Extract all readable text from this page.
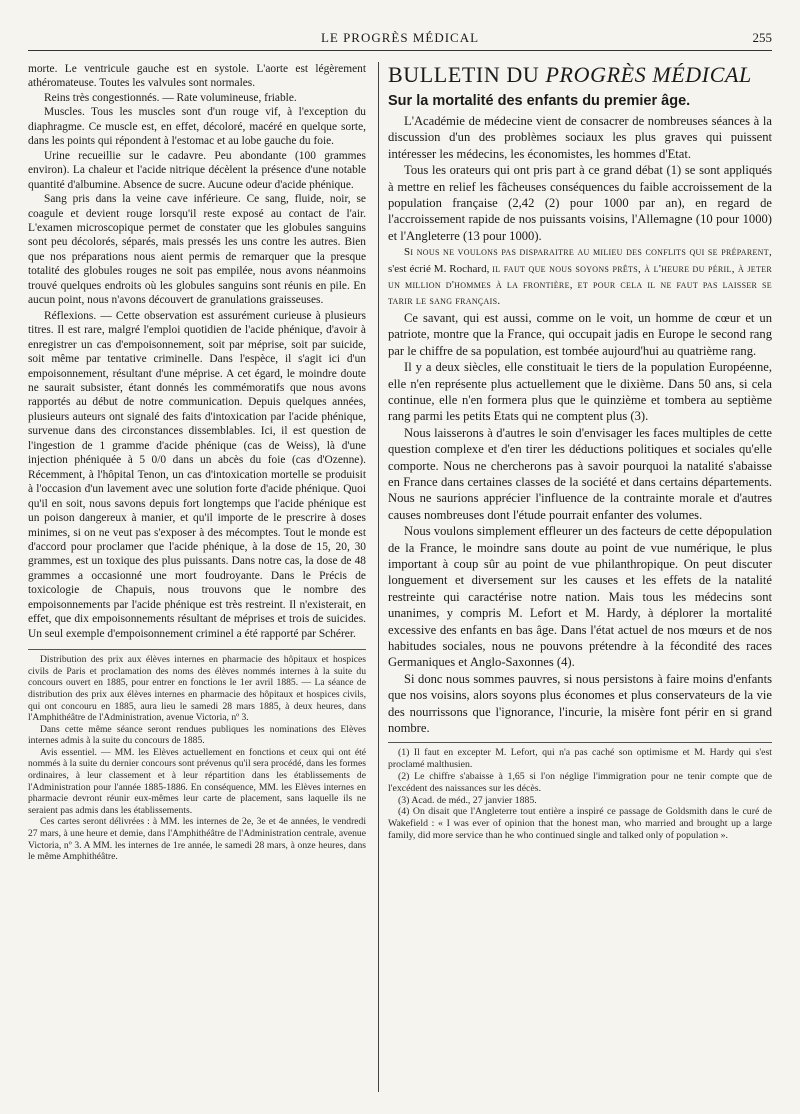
LE PROGRÈS MÉDICAL	255

morte. Le ventricule gauche est en systole. L'aorte est légèrement athéromateuse. Toutes les valvules sont normales.

Reins très congestionnés. — Rate volumineuse, friable.

Muscles. Tous les muscles sont d'un rouge vif, à l'exception du diaphragme. Ce muscle est, en effet, décoloré, macéré en quelque sorte, dans les points qui répondent à l'estomac et au lobe gauche du foie.

Urine recueillie sur le cadavre. Peu abondante (100 grammes environ). La chaleur et l'acide nitrique décèlent la présence d'une notable quantité d'albumine. Absence de sucre. Aucune odeur d'acide phénique.

Sang pris dans la veine cave inférieure. Ce sang, fluide, noir, se coagule et devient rouge lorsqu'il reste exposé au contact de l'air. L'examen microscopique permet de constater que les globules sanguins sont peu décolorés, séparés, mais pressés les uns contre les autres. Bien que nos préparations nous aient permis de remarquer que la presque totalité des globules rouges ne soit pas empilée, nous avons néanmoins trouvé quelques endroits où les globules sanguins sont réunis en pile. En aucun point, nous n'avons découvert de granulations graisseuses.

Réflexions. — Cette observation est assurément curieuse à plusieurs titres. Il est rare, malgré l'emploi quotidien de l'acide phénique, d'avoir à enregistrer un cas d'empoisonnement, soit par méprise, soit par suicide, soit même par tentative criminelle. Dans l'espèce, il s'agit ici d'un empoisonnement, résultant d'une méprise. A cet égard, le moindre doute ne saurait subsister, étant donnés les commémoratifs que nous avons rapportés au début de notre communication. Depuis quelques années, plusieurs auteurs ont signalé des faits d'intoxication par l'acide phénique, survenue dans des circonstances dissemblables. Ici, il est question de l'ingestion de 1 gramme d'acide phénique (cas de Weiss), là d'une injection phéniquée à 5 0/0 dans un abcès du foie (cas d'Ozenne). Récemment, à l'hôpital Tenon, un cas d'intoxication mortelle se produisit à l'occasion d'un lavement avec une solution forte d'acide phénique. Quoi qu'il en soit, nous savons depuis fort longtemps que l'acide phénique est un poison dangereux à manier, et qu'il importe de le prescrire à doses minimes, si on ne veut pas s'exposer à des mécomptes. Tout le monde est d'accord pour proclamer que l'acide phénique, à la dose de 15, 20, 30 grammes, est un toxique des plus puissants. Dans notre cas, la dose de 48 grammes a occasionné une mort foudroyante. Dans le Précis de toxicologie de Chapuis, nous trouvons que le nombre des empoisonnements par l'acide phénique est très restreint. Il n'existerait, en effet, que dix empoisonnements résultant de méprises et trois de suicides. Un seul exemple d'empoisonnement criminel a été rapporté par Schérer.

Distribution des prix aux élèves internes en pharmacie des hôpitaux et hospices civils de Paris et proclamation des noms des élèves nommés internes à la suite du concours ouvert en 1885, pour entrer en fonctions le 1er avril 1885. — La séance de distribution des prix aux élèves internes en pharmacie des hôpitaux et hospices civils, qui ont concouru en 1885, aura lieu le samedi 28 mars 1885, à deux heures, dans l'Amphithéâtre de l'Administration, avenue Victoria, nº 3.

Dans cette même séance seront rendues publiques les nominations des Elèves internes admis à la suite du concours de 1885.

Avis essentiel. — MM. les Elèves actuellement en fonctions et ceux qui ont été nommés à la suite du dernier concours sont prévenus qu'il sera procédé, dans les formes ordinaires, à leur classement et à leur répartition dans les établissements de l'Administration pour l'année 1885-1886. En conséquence, MM. les Elèves internes en pharmacie devront réunir eux-mêmes leur carte de placement, sans laquelle ils ne seraient pas admis dans les établissements.

Ces cartes seront délivrées : à MM. les internes de 2e, 3e et 4e années, le vendredi 27 mars, à une heure et demie, dans l'Amphithéâtre de l'Administration centrale, avenue Victoria, nº 3. A MM. les internes de 1re année, le samedi 28 mars, à onze heures, dans le même Amphithéâtre.

BULLETIN DU PROGRÈS MÉDICAL

Sur la mortalité des enfants du premier âge.

L'Académie de médecine vient de consacrer de nombreuses séances à la discussion d'un des problèmes sociaux les plus graves qui puissent intéresser les médecins, les économistes, les hommes d'Etat.

Tous les orateurs qui ont pris part à ce grand débat (1) se sont appliqués à mettre en relief les fâcheuses conséquences du faible accroissement de la population française (2,42 (2) pour 1000 par an), en regard de l'accroissement rapide de nos puissants voisins, l'Allemagne (10 pour 1000) et l'Angleterre (13 pour 1000).

Si nous ne voulons pas disparaitre au milieu des conflits qui se préparent, s'est écrié M. Rochard, il faut que nous soyons prêts, à l'heure du péril, à jeter un million d'hommes à la frontière, et pour cela il ne faut pas laisser se tarir le sang français.

Ce savant, qui est aussi, comme on le voit, un homme de cœur et un patriote, montre que la France, qui occupait jadis en Europe le second rang par le chiffre de sa population, est tombée aujourd'hui au quatrième rang.

Il y a deux siècles, elle constituait le tiers de la population Européenne, elle n'en représente plus actuellement que le dixième. Dans 50 ans, si cela continue, elle n'en formera plus que le quinzième et tombera au septième rang parmi les petits Etats qui ne comptent plus (3).

Nous laisserons à d'autres le soin d'envisager les faces multiples de cette question complexe et d'en tirer les déductions politiques et sociales qu'elle comporte. Nous ne chercherons pas à savoir pourquoi la natalité s'abaisse en France dans certaines classes de la société et dans certains départements. Nous ne saurions apprécier l'influence de la contrainte morale et d'autres causes nombreuses dont l'étude pourrait enfanter des volumes.

Nous voulons simplement effleurer un des facteurs de cette dépopulation de la France, le moindre sans doute au point de vue numérique, le plus important à coup sûr au point de vue philanthropique. On peut discuter longuement et diversement sur les causes et les effets de la natalité restreinte qui caractérise notre nation. Mais tous les médecins sont unanimes, y compris M. Lefort et M. Hardy, à déplorer la mortalité excessive des enfants en bas âge. Dans l'état actuel de nos mœurs et de nos habitudes sociales, nous ne pouvons prétendre à la fécondité des races Germaniques et Anglo-Saxonnes (4).

Si donc nous sommes pauvres, si nous persistons à faire moins d'enfants que nos voisins, alors soyons plus économes et plus conservateurs de la vie des nourrissons que l'ignorance, l'incurie, la misère font périr en si grand nombre.

(1) Il faut en excepter M. Lefort, qui n'a pas caché son optimisme et M. Hardy qui s'est proclamé malthusien.

(2) Le chiffre s'abaisse à 1,65 si l'on néglige l'immigration pour ne tenir compte que de l'excédent des naissances sur les décès.

(3) Acad. de méd., 27 janvier 1885.

(4) On disait que l'Angleterre tout entière a inspiré ce passage de Goldsmith dans le curé de Wakefield : « I was ever of opinion that the honest man, who married and brought up a large family, did more service than he who continued single and talked only of population ».
